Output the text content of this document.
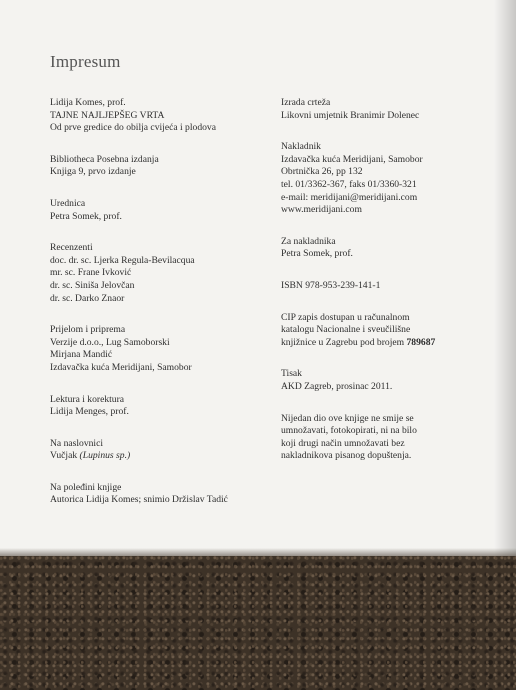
Impresum
Lidija Komes, prof.
TAJNE NAJLJEPŠEG VRTA
Od prve gredice do obilja cvijeća i plodova
Bibliotheca Posebna izdanja
Knjiga 9, prvo izdanje
Urednica
Petra Somek, prof.
Recenzenti
doc. dr. sc. Ljerka Regula-Bevilacqua
mr. sc. Frane Ivković
dr. sc. Siniša Jelovčan
dr. sc. Darko Znaor
Prijelom i priprema
Verzije d.o.o., Lug Samoborski
Mirjana Mandić
Izdavačka kuća Meridijani, Samobor
Lektura i korektura
Lidija Menges, prof.
Na naslovnici
Vučjak (Lupinus sp.)
Na poleđini knjige
Autorica Lidija Komes; snimio Držislav Tadić
Izrada crteža
Likovni umjetnik Branimir Dolenec
Nakladnik
Izdavačka kuća Meridijani, Samobor
Obrtnička 26, pp 132
tel. 01/3362-367, faks 01/3360-321
e-mail: meridijani@meridijani.com
www.meridijani.com
Za nakladnika
Petra Somek, prof.
ISBN 978-953-239-141-1
CIP zapis dostupan u računalnom
katalogu Nacionalne i sveučilišne
knjižnice u Zagrebu pod brojem 789687
Tisak
AKD Zagreb, prosinac 2011.
Nijedan dio ove knjige ne smije se
umnožavati, fotokopirati, ni na bilo
koji drugi način umnožavati bez
nakladnikova pisanog dopuštenja.
